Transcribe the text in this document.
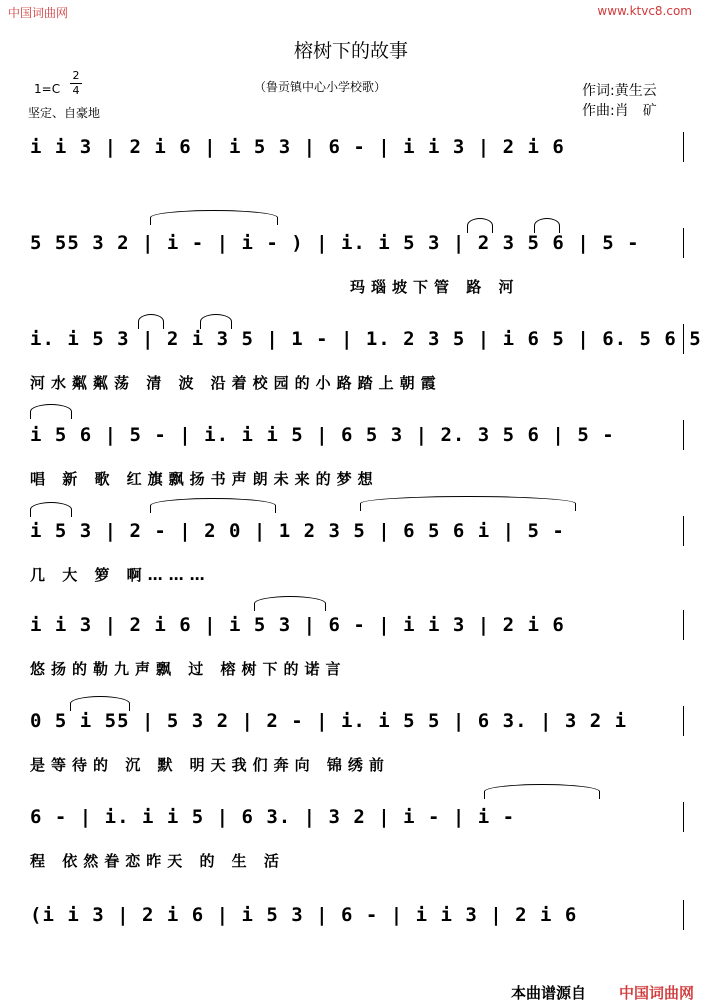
中国词曲网	www.ktvc8.com
榕树下的故事
（鲁贡镇中心小学校歌）
1=C
2
4
坚定、自豪地
作词:黄生云
作曲:肖　矿
i i 3 | 2 i 6 | i 5 3 | 6 - | i i 3 | 2 i 6
5 55 3 2 | i - | i - ) | i. i 5 3 | 2 3 5 6 | 5 -
玛瑙坡下管 路 河
i. i 5 3 | 2 i 3 5 | 1 - | 1. 2 3 5 | i 6 5 | 6. 5 6 5
河水粼粼荡 清 波 沿着校园的小路踏上朝霞
i 5 6 | 5 - | i. i i 5 | 6 5 3 | 2. 3 5 6 | 5 -
唱 新 歌 红旗飘扬书声朗未来的梦想
i 5 3 | 2 - | 2 0 | 1 2 3 5 | 6 5 6 i | 5 -
几 大 箩 啊………
i i 3 | 2 i 6 | i 5 3 | 6 - | i i 3 | 2 i 6
悠扬的勒九声飘 过 榕树下的诺言
0 5 i 55 | 5 3 2 | 2 - | i. i 5 5 | 6 3. | 3 2 i
是等待的 沉 默 明天我们奔向 锦绣前
6 - | i. i i 5 | 6 3. | 3 2 | i - | i -
程 依然眷恋昨天 的 生 活
(i i 3 | 2 i 6 | i 5 3 | 6 - | i i 3 | 2 i 6
本曲谱源自 中国词曲网
